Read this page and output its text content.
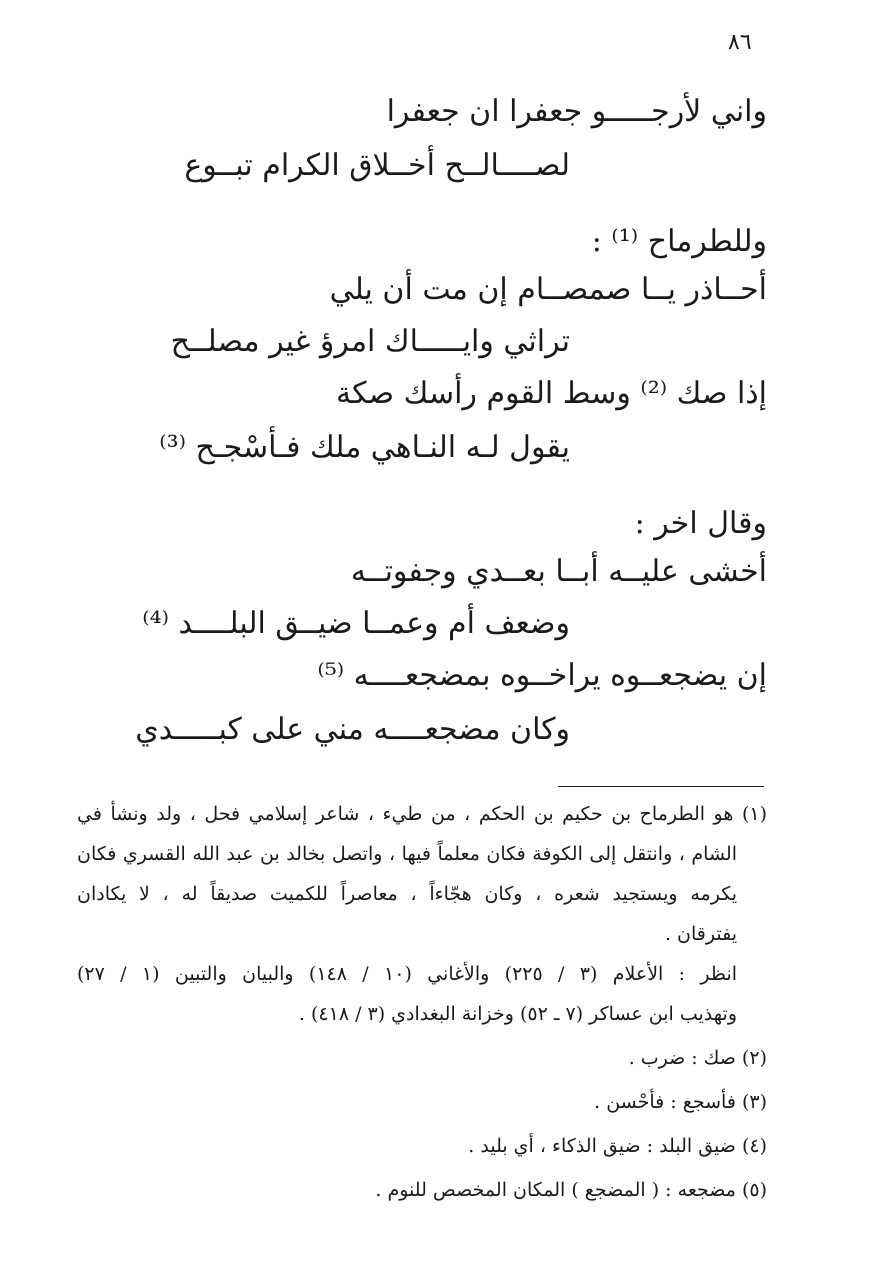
٨٦
واني لأرجـــــو جعفرا ان جعفرا
لصــــالــح أخــلاق الكرام تبــوع
وللطرماح ⁽¹⁾ :
أحــاذر يــا صمصــام إن مت أن يلي
تراثي وايـــــاك امرؤ غير مصلــح
إذا صك ⁽²⁾ وسط القوم رأسك صكة
يقول لـه النـاهي ملك فـأسْجـح ⁽³⁾
وقال اخر :
أخشى عليــه أبــا بعــدي وجفوتــه
وضعف أم وعمــا ضيــق البلــــد ⁽⁴⁾
إن يضجعــوه يراخــوه بمضجعــــه ⁽⁵⁾
وكان مضجعــــه مني على كبـــــدي
(١) هو الطرماح بن حكيم بن الحكم ، من طيء ، شاعر إسلامي فحل ، ولد ونشأ في
الشام ، وانتقل إلى الكوفة فكان معلماً فيها ، واتصل بخالد بن عبد الله القسري فكان
يكرمه ويستجيد شعره ، وكان هجّاءاً ، معاصراً للكميت صديقاً له ، لا يكادان
يفترقان .
انظر : الأعلام (٣ / ٢٢٥) والأغاني (١٠ / ١٤٨) والبيان والتبين (١ / ٢٧)
وتهذيب ابن عساكر (٧ ـ ٥٢) وخزانة البغدادي (٣ / ٤١٨) .
(٢) صك : ضرب .
(٣) فأسجع : فأحْسن .
(٤) ضيق البلد : ضيق الذكاء ، أي بليد .
(٥) مضجعه : ( المضجع ) المكان المخصص للنوم .
